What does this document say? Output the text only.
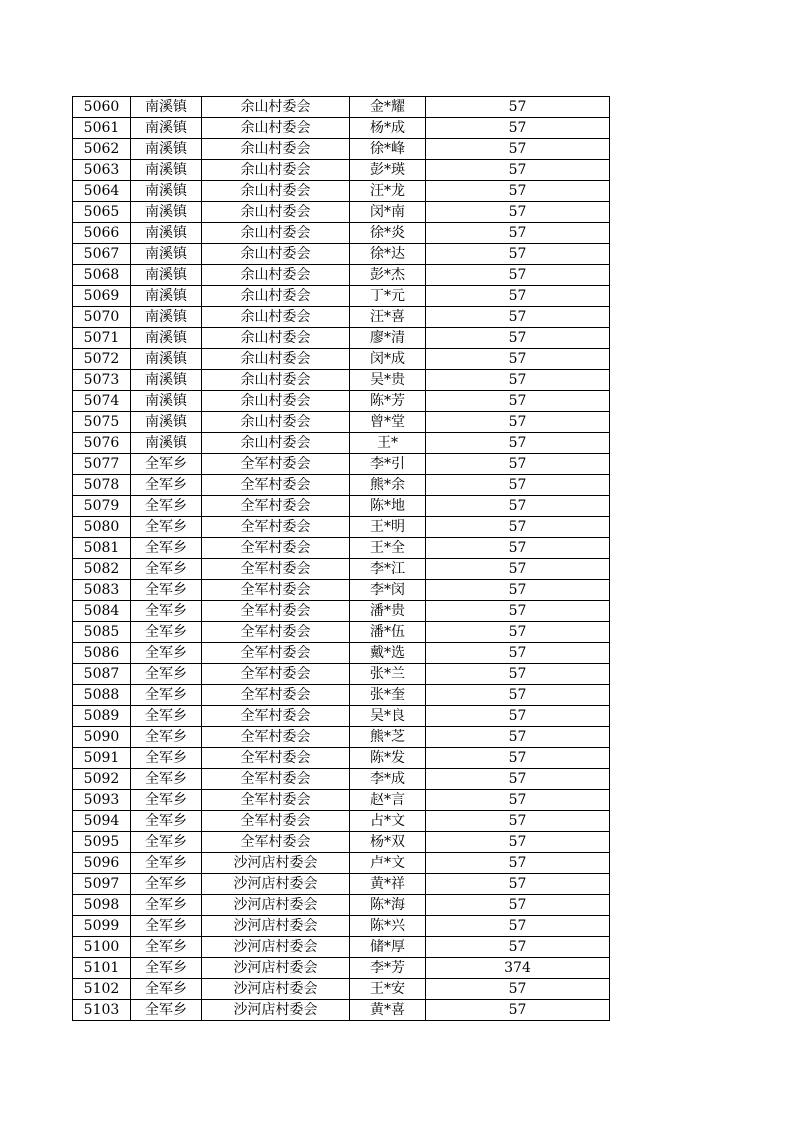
5060	南溪镇	余山村委会	金*耀	57
5061	南溪镇	余山村委会	杨*成	57
5062	南溪镇	余山村委会	徐*峰	57
5063	南溪镇	余山村委会	彭*瑛	57
5064	南溪镇	余山村委会	汪*龙	57
5065	南溪镇	余山村委会	闵*南	57
5066	南溪镇	余山村委会	徐*炎	57
5067	南溪镇	余山村委会	徐*达	57
5068	南溪镇	余山村委会	彭*杰	57
5069	南溪镇	余山村委会	丁*元	57
5070	南溪镇	余山村委会	汪*喜	57
5071	南溪镇	余山村委会	廖*清	57
5072	南溪镇	余山村委会	闵*成	57
5073	南溪镇	余山村委会	吴*贵	57
5074	南溪镇	余山村委会	陈*芳	57
5075	南溪镇	余山村委会	曾*堂	57
5076	南溪镇	余山村委会	王*	57
5077	全军乡	全军村委会	李*引	57
5078	全军乡	全军村委会	熊*余	57
5079	全军乡	全军村委会	陈*地	57
5080	全军乡	全军村委会	王*明	57
5081	全军乡	全军村委会	王*全	57
5082	全军乡	全军村委会	李*江	57
5083	全军乡	全军村委会	李*闵	57
5084	全军乡	全军村委会	潘*贵	57
5085	全军乡	全军村委会	潘*伍	57
5086	全军乡	全军村委会	戴*选	57
5087	全军乡	全军村委会	张*兰	57
5088	全军乡	全军村委会	张*奎	57
5089	全军乡	全军村委会	吴*良	57
5090	全军乡	全军村委会	熊*芝	57
5091	全军乡	全军村委会	陈*发	57
5092	全军乡	全军村委会	李*成	57
5093	全军乡	全军村委会	赵*言	57
5094	全军乡	全军村委会	占*文	57
5095	全军乡	全军村委会	杨*双	57
5096	全军乡	沙河店村委会	卢*文	57
5097	全军乡	沙河店村委会	黄*祥	57
5098	全军乡	沙河店村委会	陈*海	57
5099	全军乡	沙河店村委会	陈*兴	57
5100	全军乡	沙河店村委会	储*厚	57
5101	全军乡	沙河店村委会	李*芳	374
5102	全军乡	沙河店村委会	王*安	57
5103	全军乡	沙河店村委会	黄*喜	57
